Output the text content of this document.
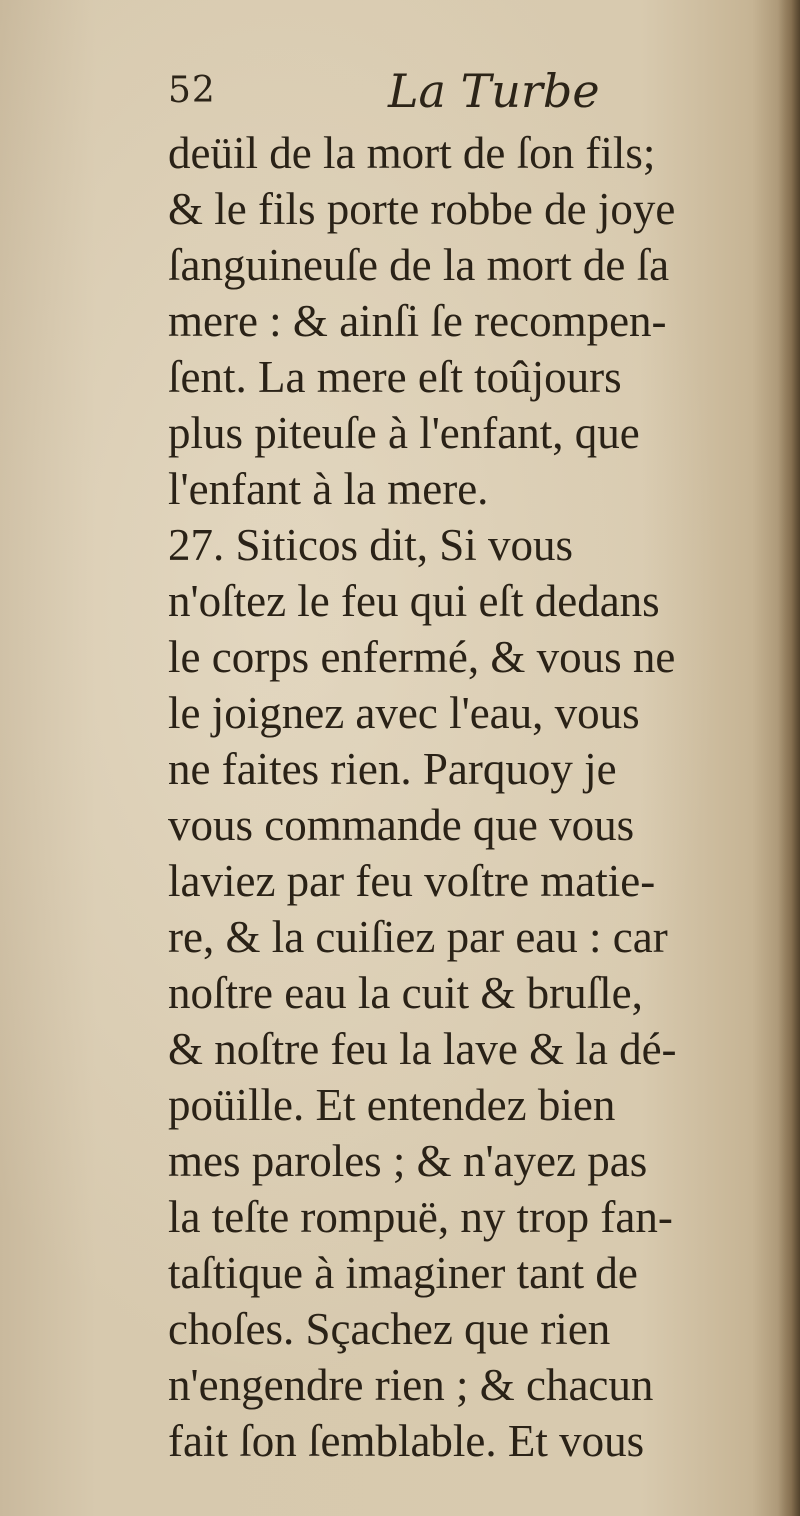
52	La Turbe
deüil de la mort de ſon fils;
& le fils porte robbe de joye
ſanguineuſe de la mort de ſa
mere : & ainſi ſe recompen-
ſent. La mere eſt toûjours
plus piteuſe à l'enfant, que
l'enfant à la mere.
27. Siticos dit, Si vous
n'oſtez le feu qui eſt dedans
le corps enfermé, & vous ne
le joignez avec l'eau, vous
ne faites rien. Parquoy je
vous commande que vous
laviez par feu voſtre matie-
re, & la cuiſiez par eau : car
noſtre eau la cuit & bruſle,
& noſtre feu la lave & la dé-
poüille. Et entendez bien
mes paroles ; & n'ayez pas
la teſte rompuë, ny trop fan-
taſtique à imaginer tant de
choſes. Sçachez que rien
n'engendre rien ; & chacun
fait ſon ſemblable. Et vous
